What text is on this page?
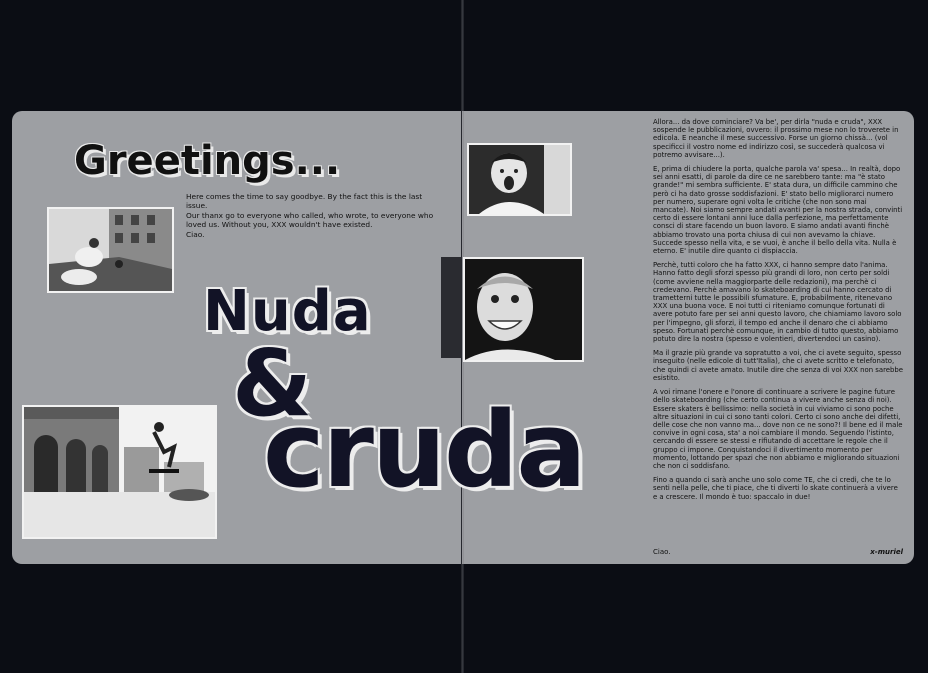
Greetings...

Here comes the time to say goodbye. By the fact this is the last issue.

Our thanx go to everyone who called, who wrote, to everyone who loved us. Without you, XXX wouldn't have existed.

Ciao.

Nuda
&
cruda

Allora... da dove cominciare? Va be', per dirla "nuda e cruda", XXX sospende le pubblicazioni, ovvero: il prossimo mese non lo troverete in edicola. E neanche il mese successivo. Forse un giorno chissà... (vol specificci il vostro nome ed indirizzo così, se succederà qualcosa vi potremo avvisare...).

E, prima di chiudere la porta, qualche parola va' spesa... In realtà, dopo sei anni esatti, di parole da dire ce ne sarebbero tante: ma "è stato grande!" mi sembra sufficiente. E' stata dura, un difficile cammino che però ci ha dato grosse soddisfazioni. E' stato bello migliorarci numero per numero, superare ogni volta le critiche (che non sono mai mancate). Noi siamo sempre andati avanti per la nostra strada, convinti certo di essere lontani anni luce dalla perfezione, ma perfettamente consci di stare facendo un buon lavoro. E siamo andati avanti finchè abbiamo trovato una porta chiusa di cui non avevamo la chiave. Succede spesso nella vita, e se vuoi, è anche il bello della vita. Nulla è eterno. E' inutile dire quanto ci dispiaccia.

Perchè, tutti coloro che ha fatto XXX, ci hanno sempre dato l'anima. Hanno fatto degli sforzi spesso più grandi di loro, non certo per soldi (come avviene nella maggiorparte delle redazioni), ma perchè ci credevano. Perchè amavano lo skateboarding di cui hanno cercato di trametterni tutte le possibili sfumature. E, probabilmente, ritenevano XXX una buona voce. E noi tutti ci riteniamo comunque fortunati di avere potuto fare per sei anni questo lavoro, che chiamiamo lavoro solo per l'impegno, gli sforzi, il tempo ed anche il denaro che ci abbiamo speso. Fortunati perchè comunque, in cambio di tutto questo, abbiamo potuto dire la nostra (spesso e volentieri, divertendoci un casino).

Ma il grazie più grande va sopratutto a voi, che ci avete seguito, spesso inseguito (nelle edicole di tutt'Italia), che ci avete scritto e telefonato, che quindi ci avete amato. Inutile dire che senza di voi XXX non sarebbe esistito.

A voi rimane l'onere e l'onore di continuare a scrivere le pagine future dello skateboarding (che certo continua a vivere anche senza di noi). Essere skaters è bellissimo: nella società in cui viviamo ci sono poche altre situazioni in cui ci sono tanti colori. Certo ci sono anche dei difetti, delle cose che non vanno ma... dove non ce ne sono?! Il bene ed il male convive in ogni cosa, sta' a noi cambiare il mondo. Seguendo l'istinto, cercando di essere se stessi e rifiutando di accettare le regole che il gruppo ci impone. Conquistandoci il divertimento momento per momento, lottando per spazi che non abbiamo e migliorando situazioni che non ci soddisfano.

Fino a quando ci sarà anche uno solo come TE, che ci credi, che te lo senti nella pelle, che ti piace, che ti diverti lo skate continuerà a vivere e a crescere. Il mondo è tuo: spaccalo in due!

Ciao.	x-muriel
